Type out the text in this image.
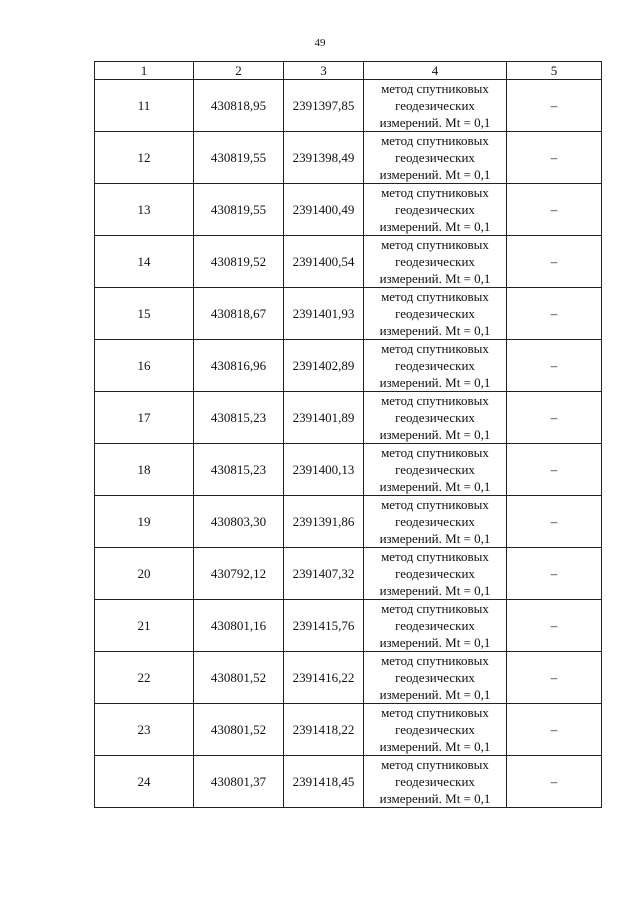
49
1	2	3	4	5
11	430818,95	2391397,85	метод спутниковых
геодезических
измерений. Mt = 0,1	–
12	430819,55	2391398,49	метод спутниковых
геодезических
измерений. Mt = 0,1	–
13	430819,55	2391400,49	метод спутниковых
геодезических
измерений. Mt = 0,1	–
14	430819,52	2391400,54	метод спутниковых
геодезических
измерений. Mt = 0,1	–
15	430818,67	2391401,93	метод спутниковых
геодезических
измерений. Mt = 0,1	–
16	430816,96	2391402,89	метод спутниковых
геодезических
измерений. Mt = 0,1	–
17	430815,23	2391401,89	метод спутниковых
геодезических
измерений. Mt = 0,1	–
18	430815,23	2391400,13	метод спутниковых
геодезических
измерений. Mt = 0,1	–
19	430803,30	2391391,86	метод спутниковых
геодезических
измерений. Mt = 0,1	–
20	430792,12	2391407,32	метод спутниковых
геодезических
измерений. Mt = 0,1	–
21	430801,16	2391415,76	метод спутниковых
геодезических
измерений. Mt = 0,1	–
22	430801,52	2391416,22	метод спутниковых
геодезических
измерений. Mt = 0,1	–
23	430801,52	2391418,22	метод спутниковых
геодезических
измерений. Mt = 0,1	–
24	430801,37	2391418,45	метод спутниковых
геодезических
измерений. Mt = 0,1	–
